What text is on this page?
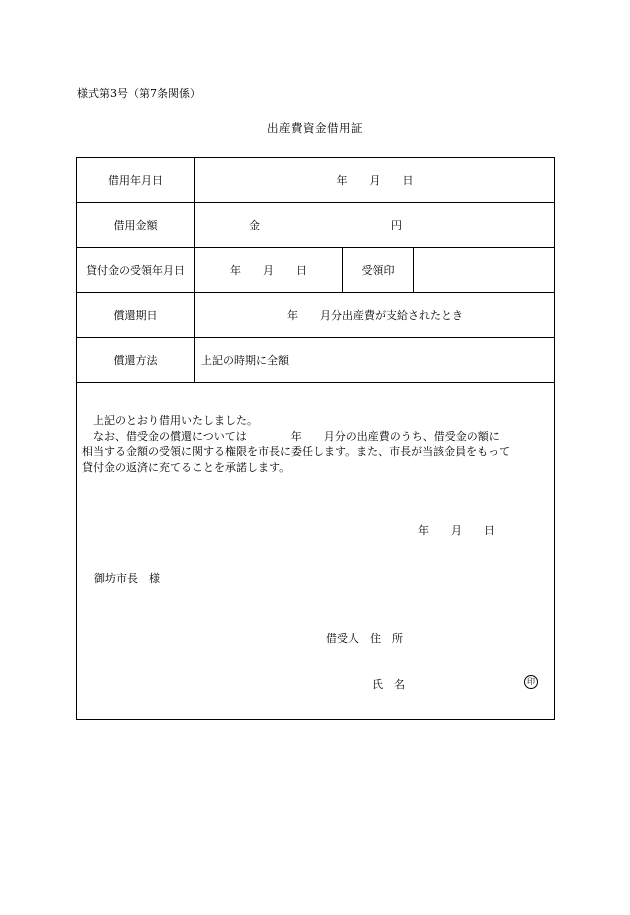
様式第3号（第7条関係）
出産費資金借用証
借用年月日	年　　月　　日
借用金額	金	円
貸付金の受領年月日	年　　月　　日	受領印
償還期日	年　　月分出産費が支給されたとき
償還方法	上記の時期に全額

　上記のとおり借用いたしました。

　なお、借受金の償還については　　　　年　　月分の出産費のうち、借受金の額に

相当する金額の受領に関する権限を市長に委任します。また、市長が当該金員をもって

貸付金の返済に充てることを承諾します。

年　　月　　日
御坊市長　様
借受人　住　所
氏　名	印
